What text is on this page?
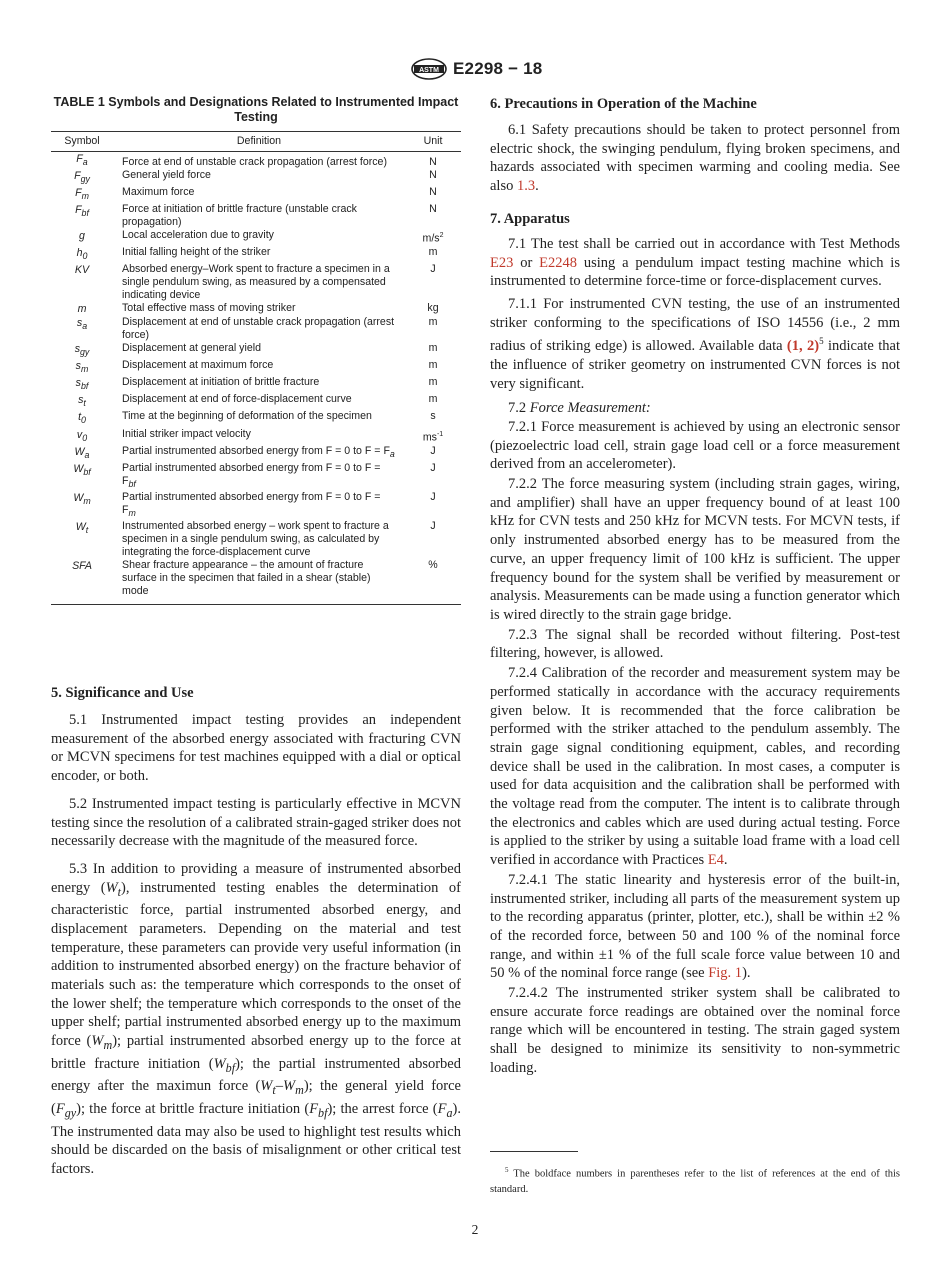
ASTM E2298 − 18
TABLE 1 Symbols and Designations Related to Instrumented Impact Testing
Symbol	Definition	Unit
$F_a$	Force at end of unstable crack propagation (arrest force)	N
$F_{gy}$	General yield force	N
$F_m$	Maximum force	N
$F_{bf}$	Force at initiation of brittle fracture (unstable crack propagation)	N
g	Local acceleration due to gravity	$m/s^2$
$h_0$	Initial falling height of the striker	m
KV	Absorbed energy–Work spent to fracture a specimen in a single pendulum swing, as measured by a compensated indicating device	J
m	Total effective mass of moving striker	kg
$s_a$	Displacement at end of unstable crack propagation (arrest force)	m
$s_{gy}$	Displacement at general yield	m
$s_m$	Displacement at maximum force	m
$s_{bf}$	Displacement at initiation of brittle fracture	m
$s_t$	Displacement at end of force-displacement curve	m
$t_0$	Time at the beginning of deformation of the specimen	s
$v_0$	Initial striker impact velocity	$ms^{-1}$
$W_a$	Partial instrumented absorbed energy from F = 0 to $F = F_a$	J
$W_{bf}$	Partial instrumented absorbed energy from F = 0 to $F = F_{bf}$	J
$W_m$	Partial instrumented absorbed energy from F = 0 to $F = F_m$	J
$W_t$	Instrumented absorbed energy – work spent to fracture a specimen in a single pendulum swing, as calculated by integrating the force-displacement curve	J
SFA	Shear fracture appearance – the amount of fracture surface in the specimen that failed in a shear (stable) mode	%
5. Significance and Use

5.1 Instrumented impact testing provides an independent measurement of the absorbed energy associated with fracturing CVN or MCVN specimens for test machines equipped with a dial or optical encoder, or both.

5.2 Instrumented impact testing is particularly effective in MCVN testing since the resolution of a calibrated strain-gaged striker does not necessarily decrease with the magnitude of the measured force.

5.3 In addition to providing a measure of instrumented absorbed energy $(W_t)$, instrumented testing enables the determination of characteristic force, partial instrumented absorbed energy, and displacement parameters. Depending on the material and test temperature, these parameters can provide very useful information (in addition to instrumented absorbed energy) on the fracture behavior of materials such as: the temperature which corresponds to the onset of the lower shelf; the temperature which corresponds to the onset of the upper shelf; partial instrumented absorbed energy up to the maximum force $(W_m)$; partial instrumented absorbed energy up to the force at brittle fracture initiation $(W_{bf})$; the partial instrumented absorbed energy after the maximun force $(W_t-W_m)$; the general yield force $(F_{gy})$; the force at brittle fracture initiation $(F_{bf})$; the arrest force $(F_a)$. The instrumented data may also be used to highlight test results which should be discarded on the basis of misalignment or other critical test factors.

6. Precautions in Operation of the Machine

6.1 Safety precautions should be taken to protect personnel from electric shock, the swinging pendulum, flying broken specimens, and hazards associated with specimen warming and cooling media. See also 1.3.

7. Apparatus

7.1 The test shall be carried out in accordance with Test Methods E23 or E2248 using a pendulum impact testing machine which is instrumented to determine force-time or force-displacement curves.

7.1.1 For instrumented CVN testing, the use of an instrumented striker conforming to the specifications of ISO 14556 (i.e., 2 mm radius of striking edge) is allowed. Available data (1, 2)$^5$ indicate that the influence of striker geometry on instrumented CVN forces is not very significant.

7.2 Force Measurement:

7.2.1 Force measurement is achieved by using an electronic sensor (piezoelectric load cell, strain gage load cell or a force measurement derived from an accelerometer).

7.2.2 The force measuring system (including strain gages, wiring, and amplifier) shall have an upper frequency bound of at least 100 kHz for CVN tests and 250 kHz for MCVN tests. For MCVN tests, if only instrumented absorbed energy has to be measured from the curve, an upper frequency limit of 100 kHz is sufficient. The upper frequency bound for the system shall be verified by measurement or analysis. Measurements can be made using a function generator which is wired directly to the strain gage bridge.

7.2.3 The signal shall be recorded without filtering. Post-test filtering, however, is allowed.

7.2.4 Calibration of the recorder and measurement system may be performed statically in accordance with the accuracy requirements given below. It is recommended that the force calibration be performed with the striker attached to the pendulum assembly. The strain gage signal conditioning equipment, cables, and recording device shall be used in the calibration. In most cases, a computer is used for data acquisition and the calibration shall be performed with the voltage read from the computer. The intent is to calibrate through the electronics and cables which are used during actual testing. Force is applied to the striker by using a suitable load frame with a load cell verified in accordance with Practices E4.

7.2.4.1 The static linearity and hysteresis error of the built-in, instrumented striker, including all parts of the measurement system up to the recording apparatus (printer, plotter, etc.), shall be within ±2 % of the recorded force, between 50 and 100 % of the nominal force range, and within ±1 % of the full scale force value between 10 and 50 % of the nominal force range (see Fig. 1).

7.2.4.2 The instrumented striker system shall be calibrated to ensure accurate force readings are obtained over the nominal force range which will be encountered in testing. The strain gaged system shall be designed to minimize its sensitivity to non-symmetric loading.

$^5$ The boldface numbers in parentheses refer to the list of references at the end of this standard.
2
